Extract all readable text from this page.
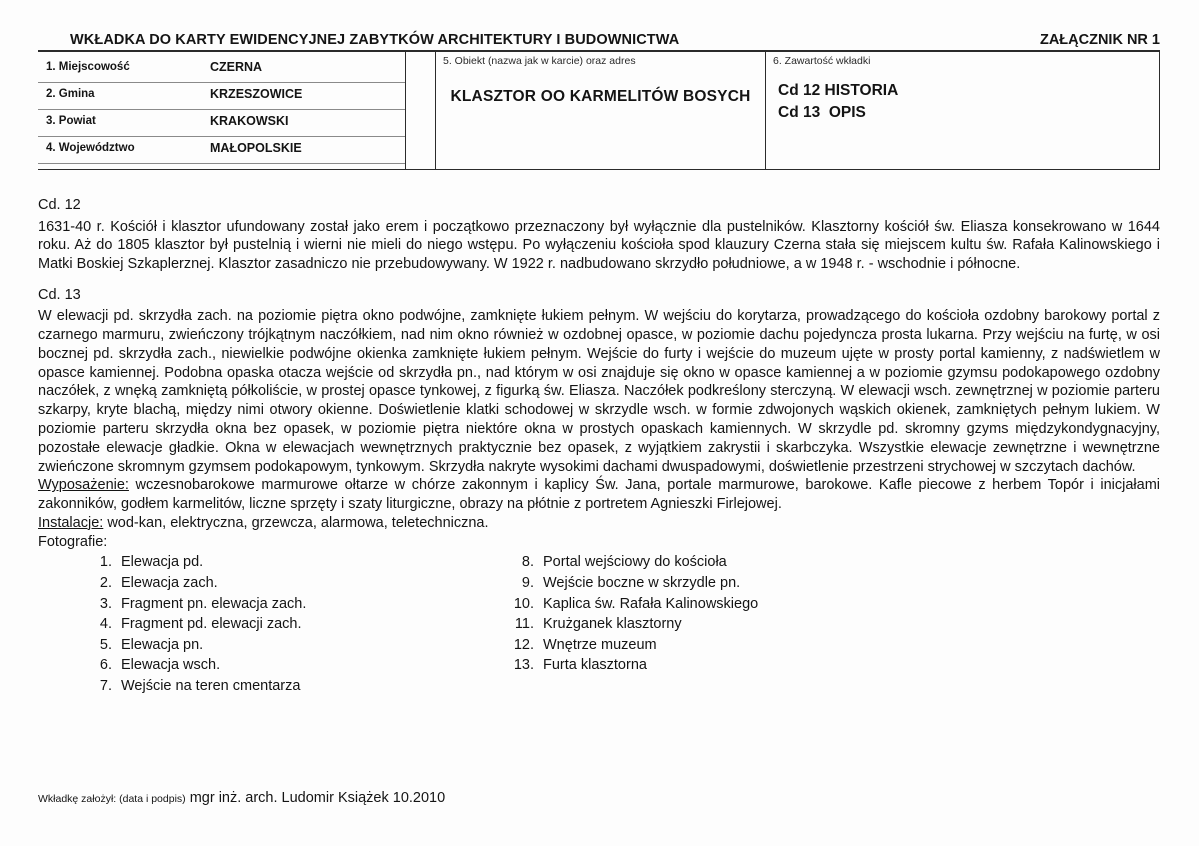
WKŁADKA DO KARTY EWIDENCYJNEJ ZABYTKÓW ARCHITEKTURY I BUDOWNICTWA	ZAŁĄCZNIK NR 1
1. Miejscowość	CZERNA
2. Gmina	KRZESZOWICE
3. Powiat	KRAKOWSKI
4. Województwo	MAŁOPOLSKIE
5. Obiekt (nazwa jak w karcie) oraz adres
KLASZTOR OO KARMELITÓW BOSYCH
6. Zawartość wkładki
Cd 12 HISTORIA
Cd 13  OPIS

Cd. 12

1631-40 r. Kościół i klasztor ufundowany został jako erem i początkowo przeznaczony był wyłącznie dla pustelników. Klasztorny kościół św. Eliasza konsekrowano w 1644 roku. Aż do 1805 klasztor był pustelnią i wierni nie mieli do niego wstępu. Po wyłączeniu kościoła spod klauzury Czerna stała się miejscem kultu św. Rafała Kalinowskiego i Matki Boskiej Szkaplerznej. Klasztor zasadniczo nie przebudowywany. W 1922 r. nadbudowano skrzydło południowe, a w 1948 r. - wschodnie i północne.

Cd. 13

W elewacji pd. skrzydła zach. na poziomie piętra okno podwójne, zamknięte łukiem pełnym. W wejściu do korytarza, prowadzącego do kościoła ozdobny barokowy portal z czarnego marmuru, zwieńczony trójkątnym naczółkiem, nad nim okno również w ozdobnej opasce, w poziomie dachu pojedyncza prosta lukarna. Przy wejściu na furtę, w osi bocznej pd. skrzydła zach., niewielkie podwójne okienka zamknięte łukiem pełnym. Wejście do furty i wejście do muzeum ujęte w prosty portal kamienny, z nadświetlem w opasce kamiennej. Podobna opaska otacza wejście od skrzydła pn., nad którym w osi znajduje się okno w opasce kamiennej a w poziomie gzymsu podokapowego ozdobny naczółek, z wnęką zamkniętą półkoliście, w prostej opasce tynkowej, z figurką św. Eliasza. Naczółek podkreślony sterczyną. W elewacji wsch. zewnętrznej w poziomie parteru szkarpy, kryte blachą, między nimi otwory okienne. Doświetlenie klatki schodowej w skrzydle wsch. w formie zdwojonych wąskich okienek, zamkniętych pełnym lukiem. W poziomie parteru skrzydła okna bez opasek, w poziomie piętra niektóre okna w prostych opaskach kamiennych. W skrzydle pd. skromny gzyms międzykondygnacyjny, pozostałe elewacje gładkie. Okna w elewacjach wewnętrznych praktycznie bez opasek, z wyjątkiem zakrystii i skarbczyka. Wszystkie elewacje zewnętrzne i wewnętrzne zwieńczone skromnym gzymsem podokapowym, tynkowym. Skrzydła nakryte wysokimi dachami dwuspadowymi, doświetlenie przestrzeni strychowej w szczytach dachów.

Wyposażenie: wczesnobarokowe marmurowe ołtarze w chórze zakonnym i kaplicy Św. Jana, portale marmurowe, barokowe. Kafle piecowe z herbem Topór i inicjałami zakonników, godłem karmelitów, liczne sprzęty i szaty liturgiczne, obrazy na płótnie z portretem Agnieszki Firlejowej.

Instalacje: wod-kan, elektryczna, grzewcza, alarmowa, teletechniczna.

Fotografie:

1. Elewacja pd.
2. Elewacja zach.
3. Fragment pn. elewacja zach.
4. Fragment pd. elewacji zach.
5. Elewacja pn.
6. Elewacja wsch.
7. Wejście na teren cmentarza
8. Portal wejściowy do kościoła
9. Wejście boczne w skrzydle pn.
10. Kaplica św. Rafała Kalinowskiego
11. Krużganek klasztorny
12. Wnętrze muzeum
13. Furta klasztorna
Wkładkę założył: (data i podpis) mgr inż. arch. Ludomir Książek 10.2010
